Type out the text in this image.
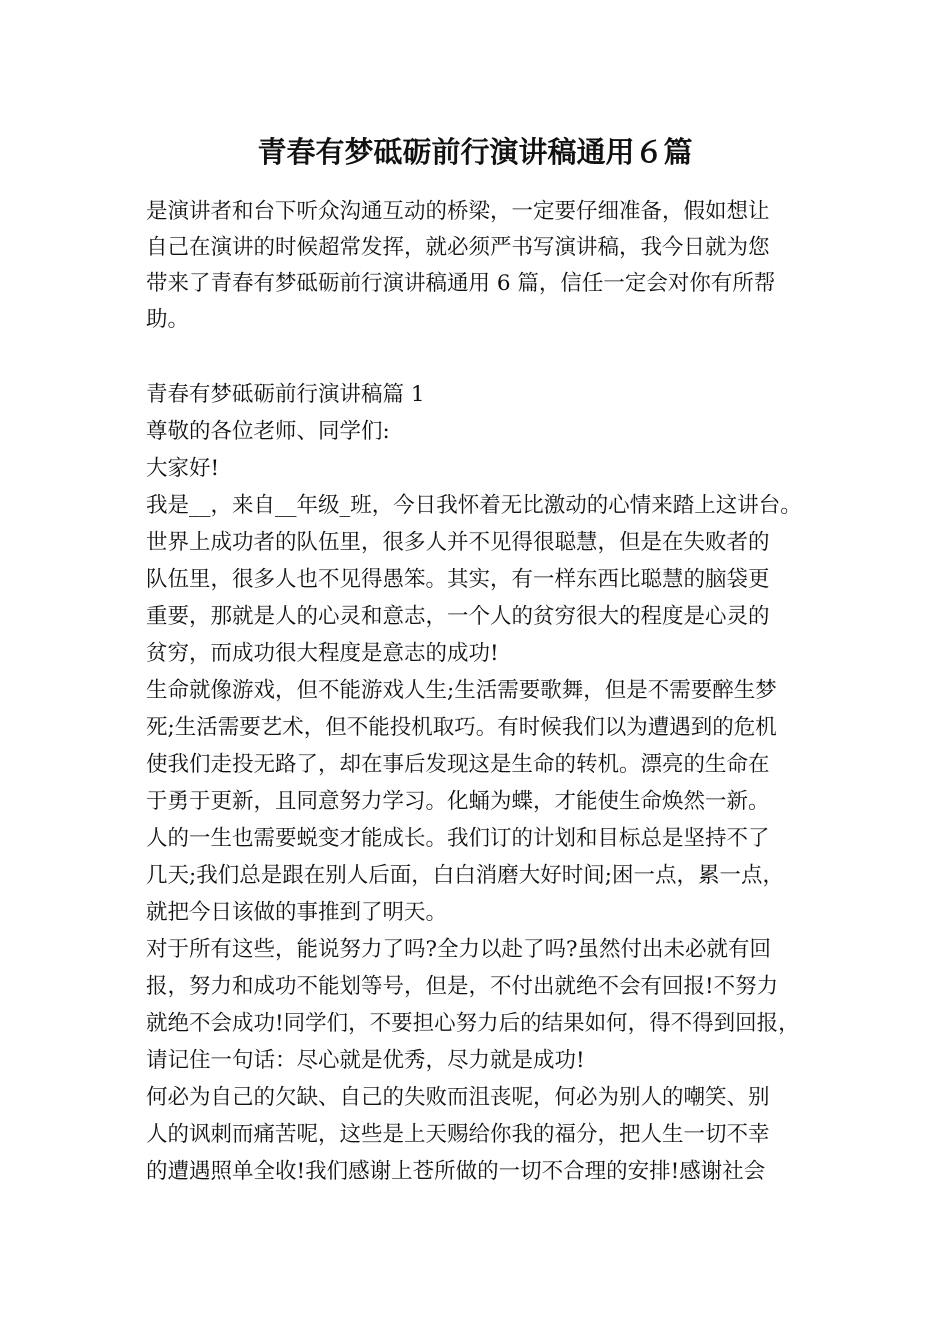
青春有梦砥砺前行演讲稿通用６篇
是演讲者和台下听众沟通互动的桥梁，一定要仔细准备，假如想让
自己在演讲的时候超常发挥，就必须严书写演讲稿，我今日就为您
带来了青春有梦砥砺前行演讲稿通用 6 篇，信任一定会对你有所帮
助。
青春有梦砥砺前行演讲稿篇 1
尊敬的各位老师、同学们:
大家好!
我是__，来自__年级_班，今日我怀着无比激动的心情来踏上这讲台。
世界上成功者的队伍里，很多人并不见得很聪慧，但是在失败者的
队伍里，很多人也不见得愚笨。其实，有一样东西比聪慧的脑袋更
重要，那就是人的心灵和意志，一个人的贫穷很大的程度是心灵的
贫穷，而成功很大程度是意志的成功!
生命就像游戏，但不能游戏人生;生活需要歌舞，但是不需要醉生梦
死;生活需要艺术，但不能投机取巧。有时候我们以为遭遇到的危机
使我们走投无路了，却在事后发现这是生命的转机。漂亮的生命在
于勇于更新，且同意努力学习。化蛹为蝶，才能使生命焕然一新。
人的一生也需要蜕变才能成长。我们订的计划和目标总是坚持不了
几天;我们总是跟在别人后面，白白消磨大好时间;困一点，累一点，
就把今日该做的事推到了明天。
对于所有这些，能说努力了吗?全力以赴了吗?虽然付出未必就有回
报，努力和成功不能划等号，但是，不付出就绝不会有回报!不努力
就绝不会成功!同学们，不要担心努力后的结果如何，得不得到回报，
请记住一句话：尽心就是优秀，尽力就是成功!
何必为自己的欠缺、自己的失败而沮丧呢，何必为别人的嘲笑、别
人的讽刺而痛苦呢，这些是上天赐给你我的福分，把人生一切不幸
的遭遇照单全收!我们感谢上苍所做的一切不合理的安排!感谢社会
